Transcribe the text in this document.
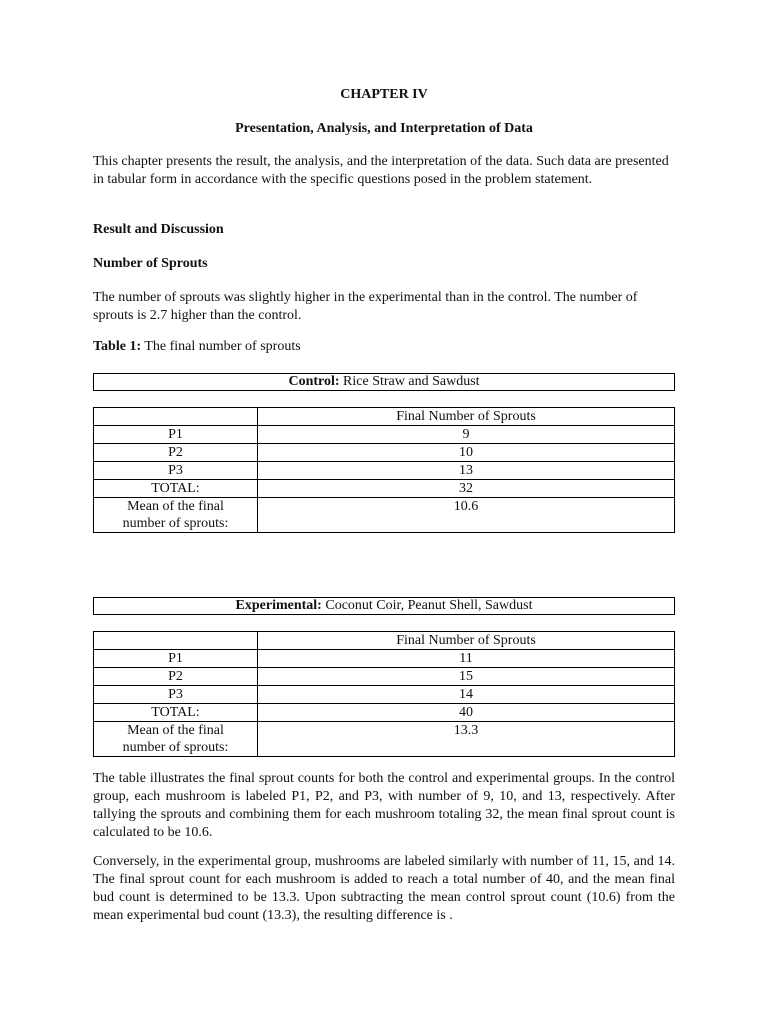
CHAPTER IV
Presentation, Analysis, and Interpretation of Data
This chapter presents the result, the analysis, and the interpretation of the data. Such data are presented in tabular form in accordance with the specific questions posed in the problem statement.
Result and Discussion
Number of Sprouts
The number of sprouts was slightly higher in the experimental than in the control. The number of sprouts is 2.7 higher than the control.
Table 1: The final number of sprouts
Control: Rice Straw and Sawdust
	Final Number of Sprouts
P1	9
P2	10
P3	13
TOTAL:	32
Mean of the final
number of sprouts:	10.6
Experimental: Coconut Coir, Peanut Shell, Sawdust
	Final Number of Sprouts
P1	11
P2	15
P3	14
TOTAL:	40
Mean of the final
number of sprouts:	13.3
The table illustrates the final sprout counts for both the control and experimental groups. In the control group, each mushroom is labeled P1, P2, and P3, with number of 9, 10, and 13, respectively. After tallying the sprouts and combining them for each mushroom totaling 32, the mean final sprout count is calculated to be 10.6.
Conversely, in the experimental group, mushrooms are labeled similarly with number of 11, 15, and 14. The final sprout count for each mushroom is added to reach a total number of 40, and the mean final bud count is determined to be 13.3. Upon subtracting the mean control sprout count (10.6) from the mean experimental bud count (13.3), the resulting difference is .
